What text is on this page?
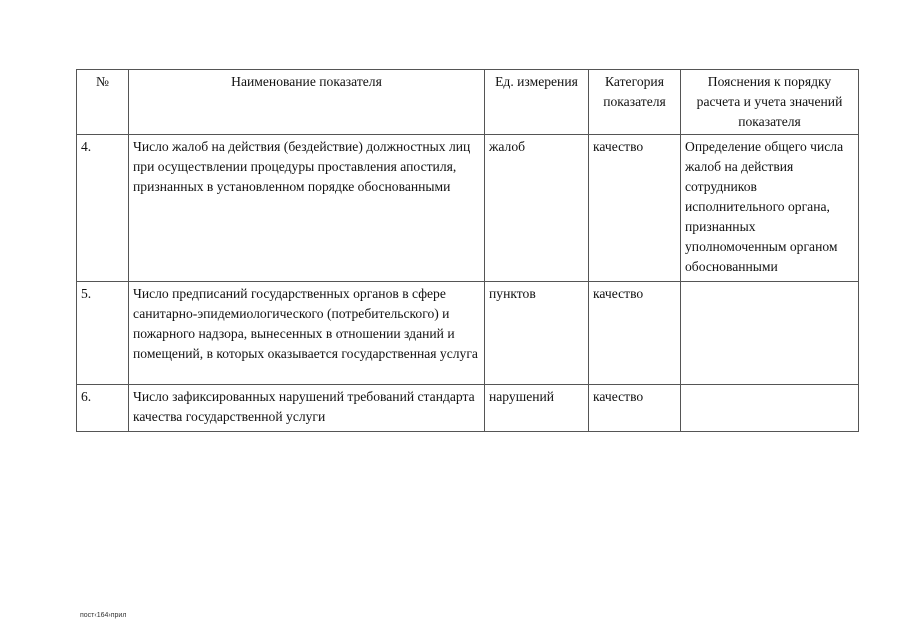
№	Наименование показателя	Ед. измерения	Категория показателя	Пояснения к порядку расчета и учета значений показателя
4.	Число жалоб на действия (бездействие) должностных лиц при осуществлении процедуры проставления апостиля, признанных в установленном порядке обоснованными	жалоб	качество	Определение общего числа жалоб на действия сотрудников исполнительного органа, признанных уполномоченным органом обоснованными
5.	Число предписаний государственных органов в сфере санитарно-эпидемиологического (потребительского) и пожарного надзора, вынесенных в отношении зданий и помещений, в которых оказывается государственная услуга	пунктов	качество	
6.	Число зафиксированных нарушений требований стандарта качества государственной услуги	нарушений	качество	
пост‹164›прил
